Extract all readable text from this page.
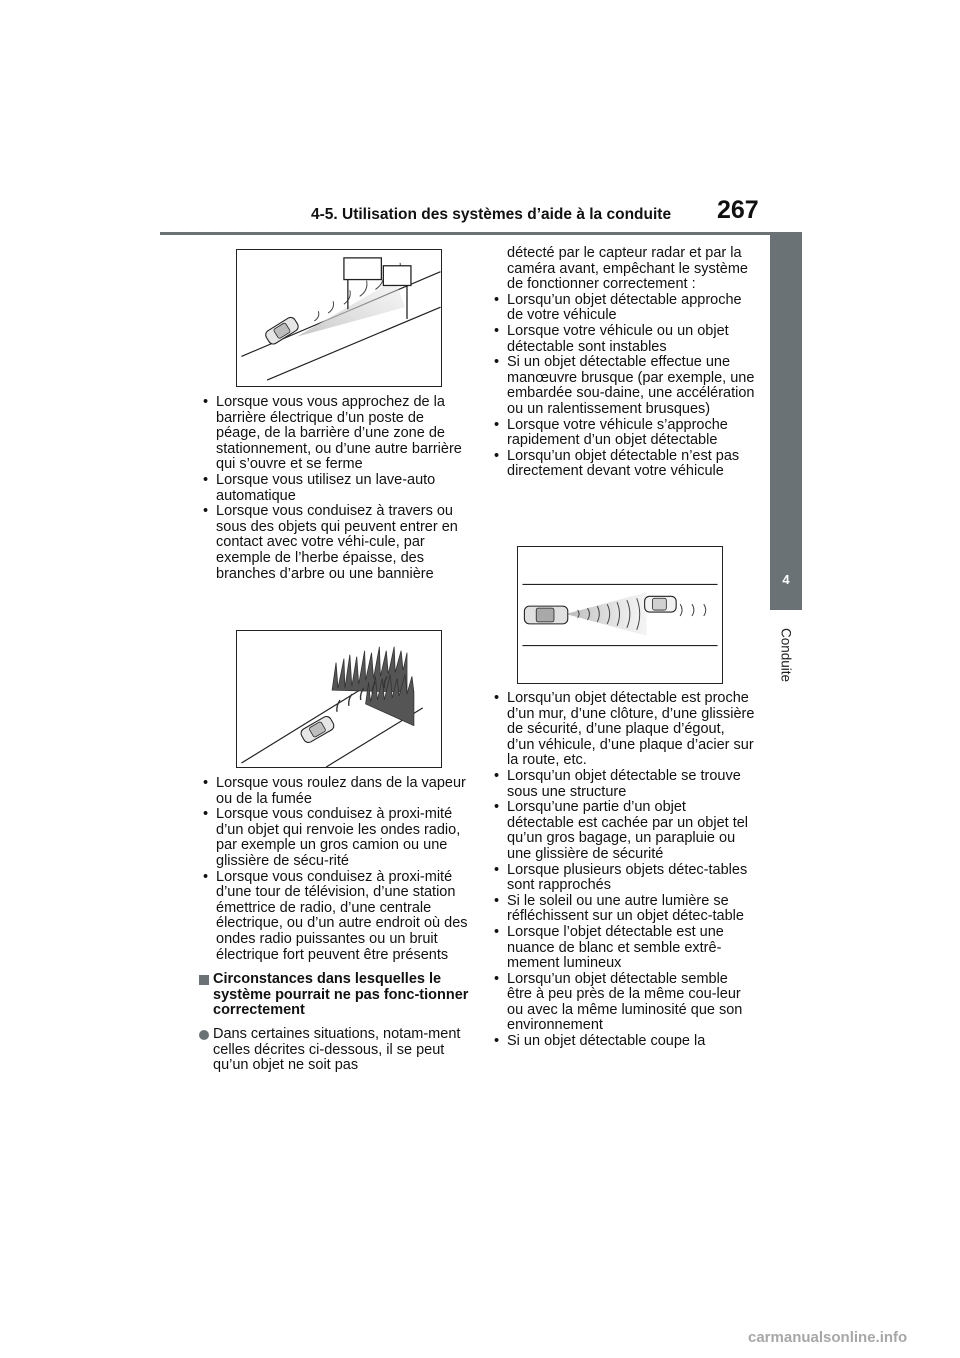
4-5. Utilisation des systèmes d’aide à la conduite 267
4
Conduite
• Lorsque vous vous approchez de la barrière électrique d’un poste de péage, de la barrière d’une zone de stationnement, ou d’une autre barrière qui s’ouvre et se ferme
• Lorsque vous utilisez un lave-auto automatique
• Lorsque vous conduisez à travers ou sous des objets qui peuvent entrer en contact avec votre véhi-cule, par exemple de l’herbe épaisse, des branches d’arbre ou une bannière
• Lorsque vous roulez dans de la vapeur ou de la fumée
• Lorsque vous conduisez à proxi-mité d’un objet qui renvoie les ondes radio, par exemple un gros camion ou une glissière de sécu-rité
• Lorsque vous conduisez à proxi-mité d’une tour de télévision, d’une station émettrice de radio, d’une centrale électrique, ou d’un autre endroit où des ondes radio puissantes ou un bruit électrique fort peuvent être présents
Circonstances dans lesquelles le système pourrait ne pas fonc-tionner correctement
Dans certaines situations, notam-ment celles décrites ci-dessous, il se peut qu’un objet ne soit pas

détecté par le capteur radar et par la caméra avant, empêchant le système de fonctionner correctement :

• Lorsqu’un objet détectable approche de votre véhicule
• Lorsque votre véhicule ou un objet détectable sont instables
• Si un objet détectable effectue une manœuvre brusque (par exemple, une embardée sou-daine, une accélération ou un ralentissement brusques)
• Lorsque votre véhicule s’approche rapidement d’un objet détectable
• Lorsqu’un objet détectable n’est pas directement devant votre véhicule
• Lorsqu’un objet détectable est proche d’un mur, d’une clôture, d’une glissière de sécurité, d’une plaque d’égout, d’un véhicule, d’une plaque d’acier sur la route, etc.
• Lorsqu’un objet détectable se trouve sous une structure
• Lorsqu’une partie d’un objet détectable est cachée par un objet tel qu’un gros bagage, un parapluie ou une glissière de sécurité
• Lorsque plusieurs objets détec-tables sont rapprochés
• Si le soleil ou une autre lumière se réfléchissent sur un objet détec-table
• Lorsque l’objet détectable est une nuance de blanc et semble extrê-mement lumineux
• Lorsqu’un objet détectable semble être à peu près de la même cou-leur ou avec la même luminosité que son environnement
• Si un objet détectable coupe la
carmanualsonline.info
